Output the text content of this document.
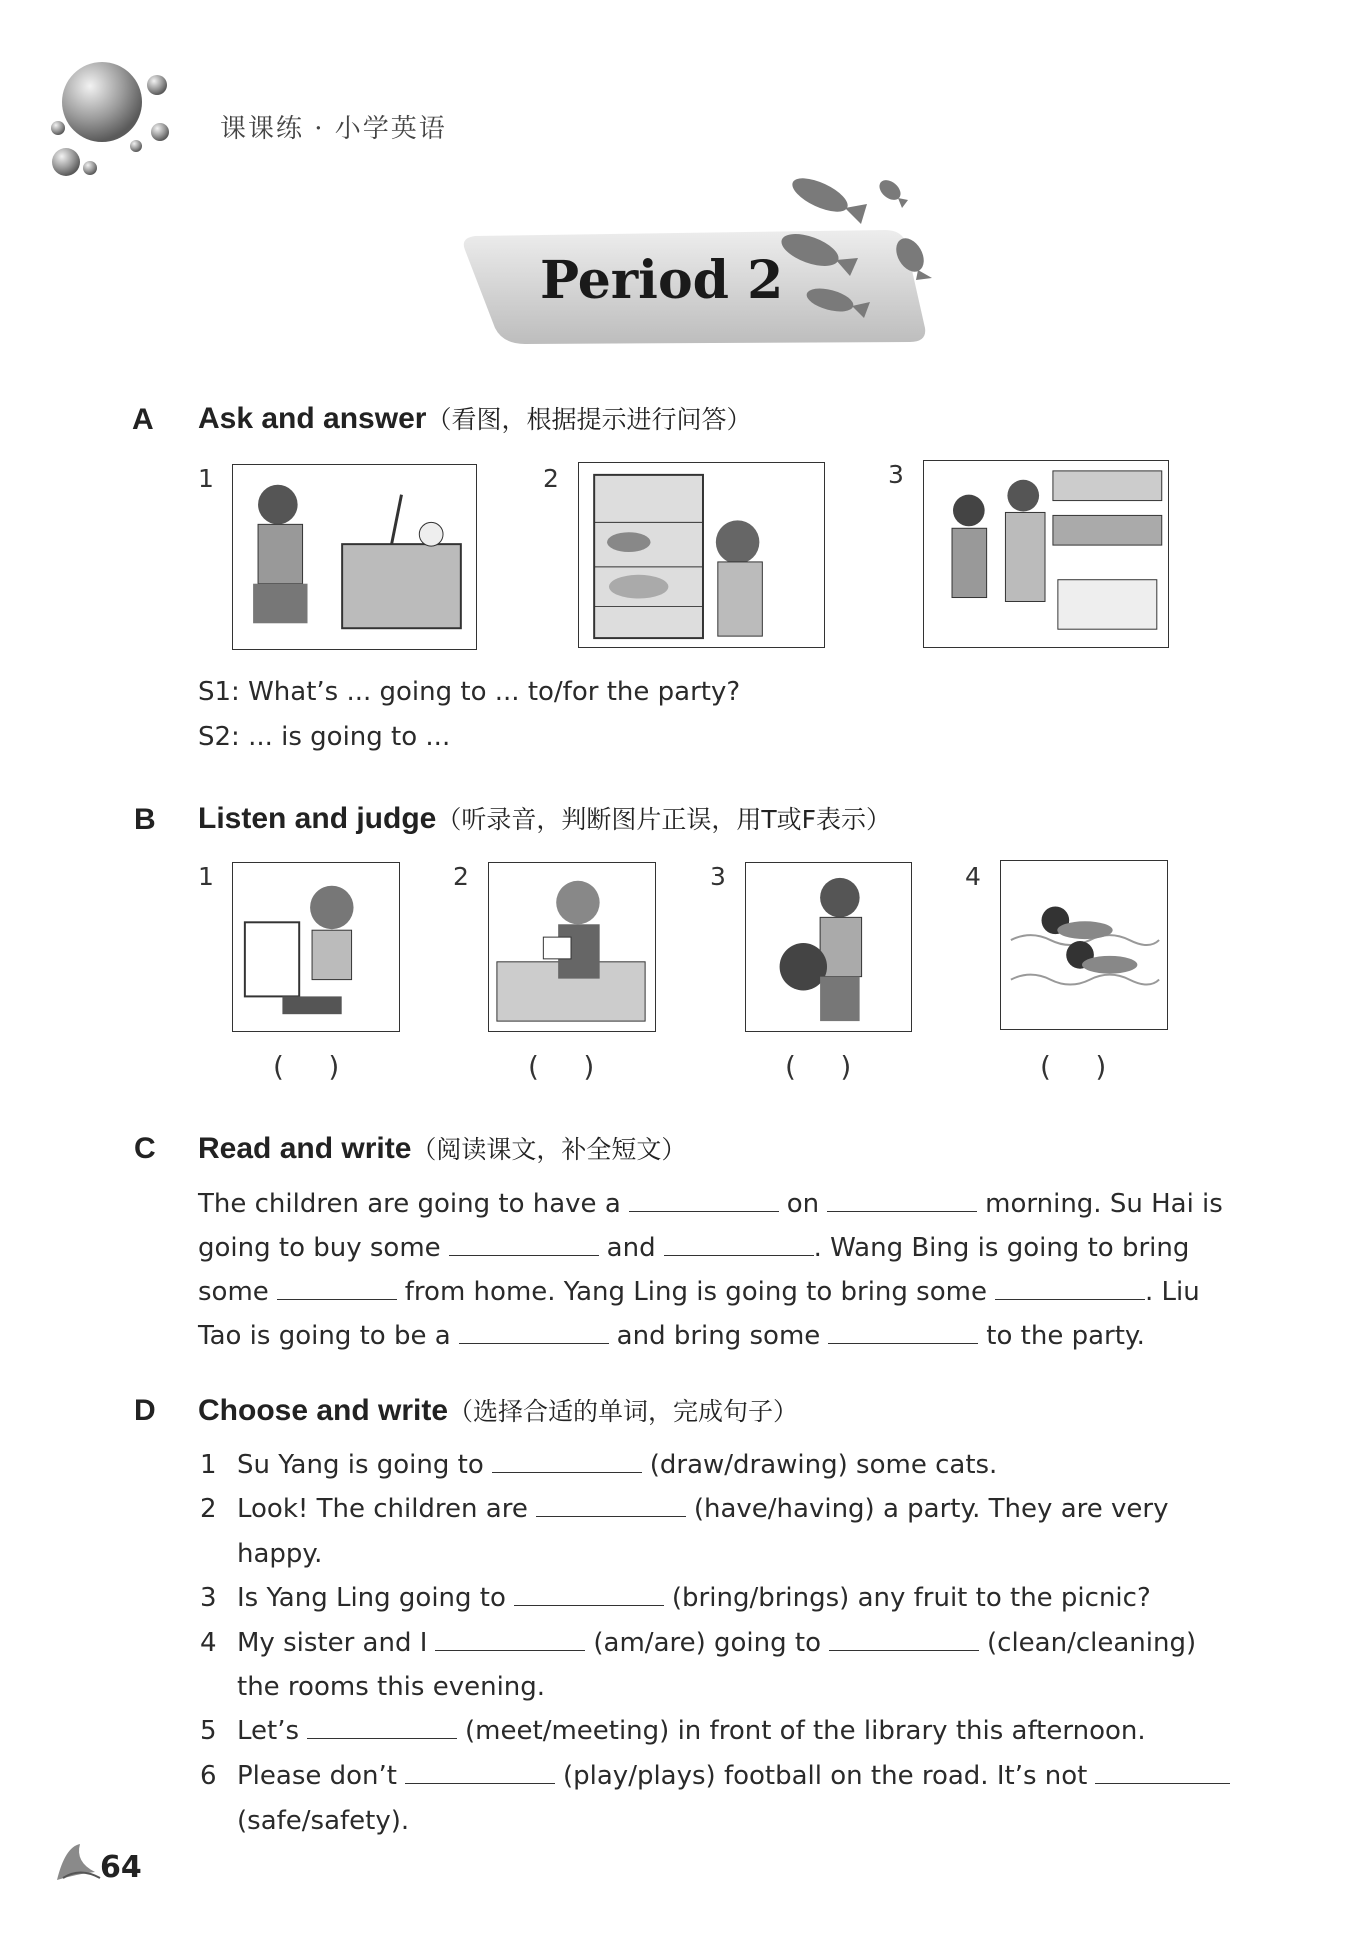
课课练 · 小学英语
Period 2
A Ask and answer（看图，根据提示进行问答）
1	2	3
S1: What’s ... going to ... to/for the party?
S2: ... is going to ...
B Listen and judge（听录音，判断图片正误，用T或F表示）
1	2	3	4
(     )	(     )	(     )	(     )
C Read and write（阅读课文，补全短文）
The children are going to have a	on	morning. Su Hai is
going to buy some	and	. Wang Bing is going to bring
some	from home. Yang Ling is going to bring some	. Liu
Tao is going to be a	and bring some	to the party.
D Choose and write（选择合适的单词，完成句子）
1 Su Yang is going to	(draw/drawing) some cats.
2 Look! The children are	(have/having) a party. They are very
happy.
3 Is Yang Ling going to	(bring/brings) any fruit to the picnic?
4 My sister and I	(am/are) going to	(clean/cleaning)
the rooms this evening.
5 Let’s	(meet/meeting) in front of the library this afternoon.
6 Please don’t	(play/plays) football on the road. It’s not
(safe/safety).
64
